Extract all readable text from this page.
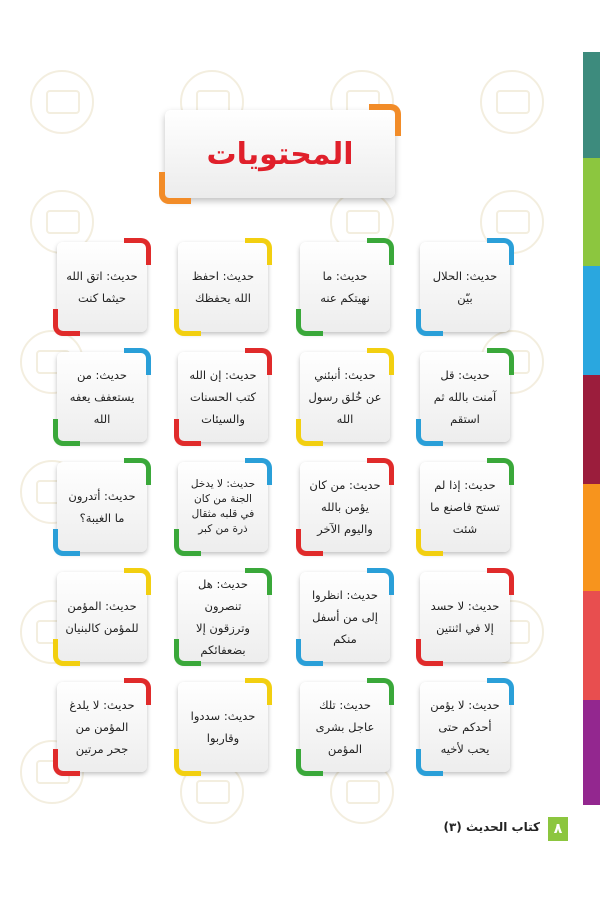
المحتويات
حديث: الحلال بيّن
حديث: ما نهيتكم عنه
حديث: احفظ الله يحفظك
حديث: اتق الله حيثما كنت
حديث: قل آمنت بالله ثم استقم
حديث: أنبئني عن خُلق رسول الله
حديث: إن الله كتب الحسنات والسيئات
حديث: من يستعفف يعفه الله
حديث: إذا لم تستح فاصنع ما شئت
حديث: من كان يؤمن بالله واليوم الآخر
حديث: لا يدخل الجنة من كان في قلبه مثقال ذرة من كبر
حديث: أتدرون ما الغيبة؟
حديث: لا حسد إلا في اثنتين
حديث: انظروا إلى من أسفل منكم
حديث: هل تنصرون وترزقون إلا بضعفائكم
حديث: المؤمن للمؤمن كالبنيان
حديث: لا يؤمن أحدكم حتى يحب لأخيه
حديث: تلك عاجل بشرى المؤمن
حديث: سددوا وقاربوا
حديث: لا يلدغ المؤمن من جحر مرتين
٨
كتاب الحديث (٣)
